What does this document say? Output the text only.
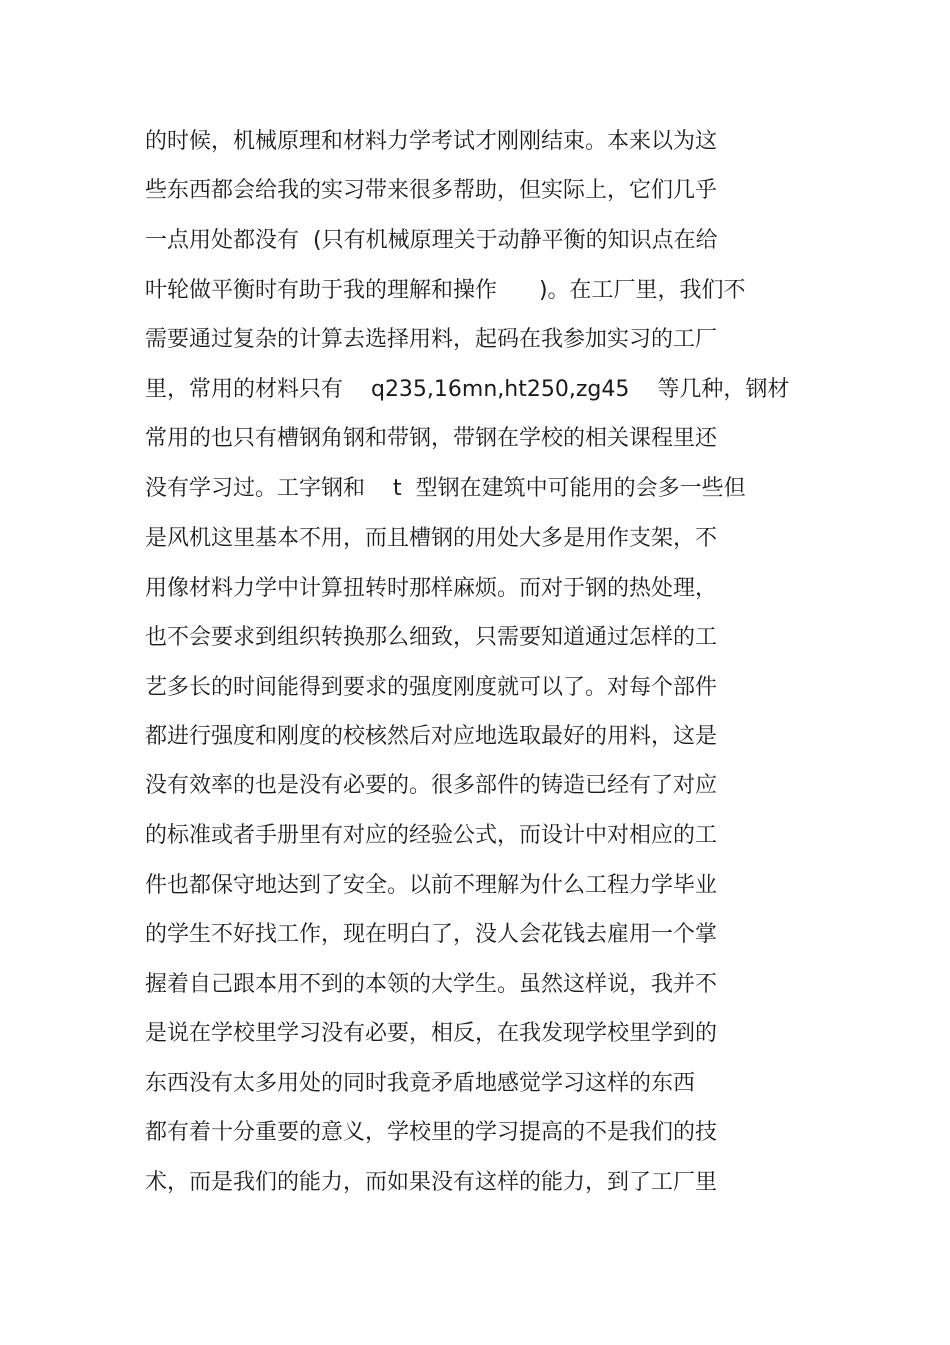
的时候，机械原理和材料力学考试才刚刚结束。本来以为这
些东西都会给我的实习带来很多帮助，但实际上，它们几乎
一点用处都没有  (只有机械原理关于动静平衡的知识点在给
叶轮做平衡时有助于我的理解和操作      )。在工厂里，我们不
需要通过复杂的计算去选择用料，起码在我参加实习的工厂
里，常用的材料只有    q235,16mn,ht250,zg45    等几种，钢材
常用的也只有槽钢角钢和带钢，带钢在学校的相关课程里还
没有学习过。工字钢和    t  型钢在建筑中可能用的会多一些但
是风机这里基本不用，而且槽钢的用处大多是用作支架，不
用像材料力学中计算扭转时那样麻烦。而对于钢的热处理，
也不会要求到组织转换那么细致，只需要知道通过怎样的工
艺多长的时间能得到要求的强度刚度就可以了。对每个部件
都进行强度和刚度的校核然后对应地选取最好的用料，这是
没有效率的也是没有必要的。很多部件的铸造已经有了对应
的标准或者手册里有对应的经验公式，而设计中对相应的工
件也都保守地达到了安全。以前不理解为什么工程力学毕业
的学生不好找工作，现在明白了，没人会花钱去雇用一个掌
握着自己跟本用不到的本领的大学生。虽然这样说，我并不
是说在学校里学习没有必要，相反，在我发现学校里学到的
东西没有太多用处的同时我竟矛盾地感觉学习这样的东西
都有着十分重要的意义，学校里的学习提高的不是我们的技
术，而是我们的能力，而如果没有这样的能力，到了工厂里
